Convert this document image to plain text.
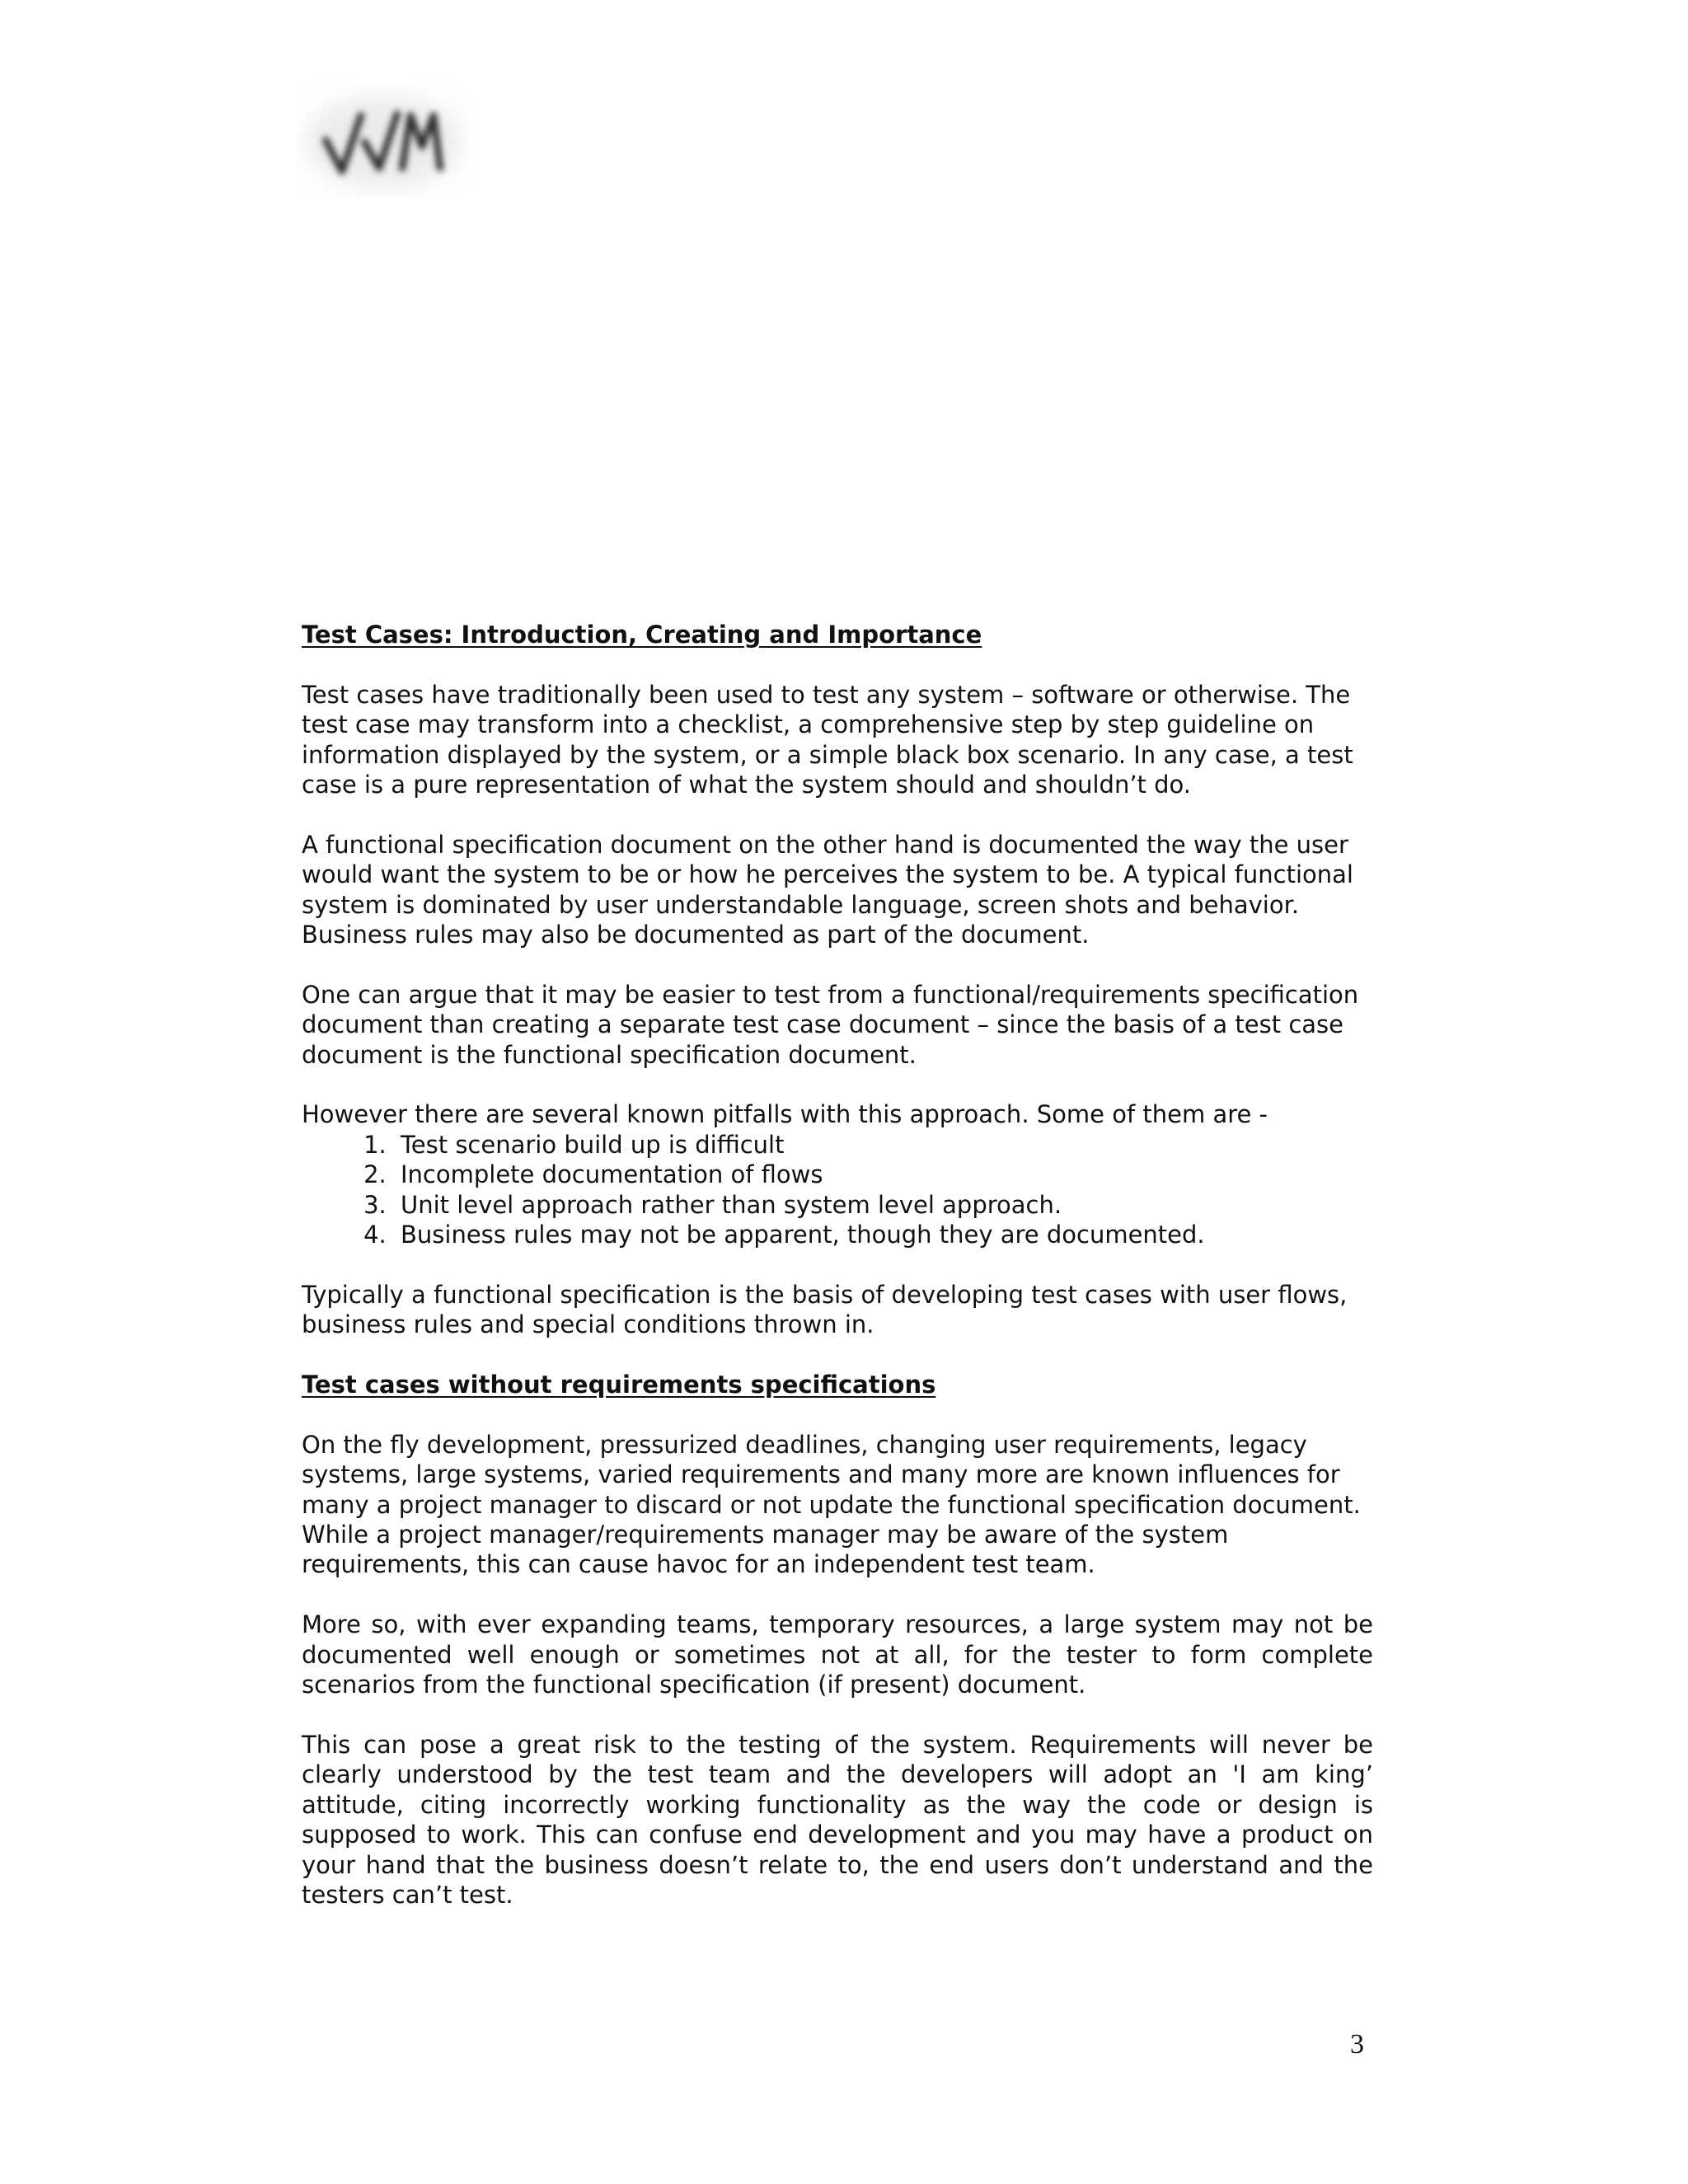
Test Cases: Introduction, Creating and Importance

Test cases have traditionally been used to test any system – software or otherwise. The test case may transform into a checklist, a comprehensive step by step guideline on information displayed by the system, or a simple black box scenario. In any case, a test case is a pure representation of what the system should and shouldn’t do.

A functional specification document on the other hand is documented the way the user would want the system to be or how he perceives the system to be. A typical functional system is dominated by user understandable language, screen shots and behavior. Business rules may also be documented as part of the document.

One can argue that it may be easier to test from a functional/requirements specification document than creating a separate test case document – since the basis of a test case document is the functional specification document.

However there are several known pitfalls with this approach. Some of them are -

1. Test scenario build up is difficult
2. Incomplete documentation of flows
3. Unit level approach rather than system level approach.
4. Business rules may not be apparent, though they are documented.

Typically a functional specification is the basis of developing test cases with user flows, business rules and special conditions thrown in.

Test cases without requirements specifications

On the fly development, pressurized deadlines, changing user requirements, legacy systems, large systems, varied requirements and many more are known influences for many a project manager to discard or not update the functional specification document. While a project manager/requirements manager may be aware of the system requirements, this can cause havoc for an independent test team.

More so, with ever expanding teams, temporary resources, a large system may not be documented well enough or sometimes not at all, for the tester to form complete scenarios from the functional specification (if present) document.

This can pose a great risk to the testing of the system. Requirements will never be clearly understood by the test team and the developers will adopt an 'I am king’ attitude, citing incorrectly working functionality as the way the code or design is supposed to work. This can confuse end development and you may have a product on your hand that the business doesn’t relate to, the end users don’t understand and the testers can’t test.

3
